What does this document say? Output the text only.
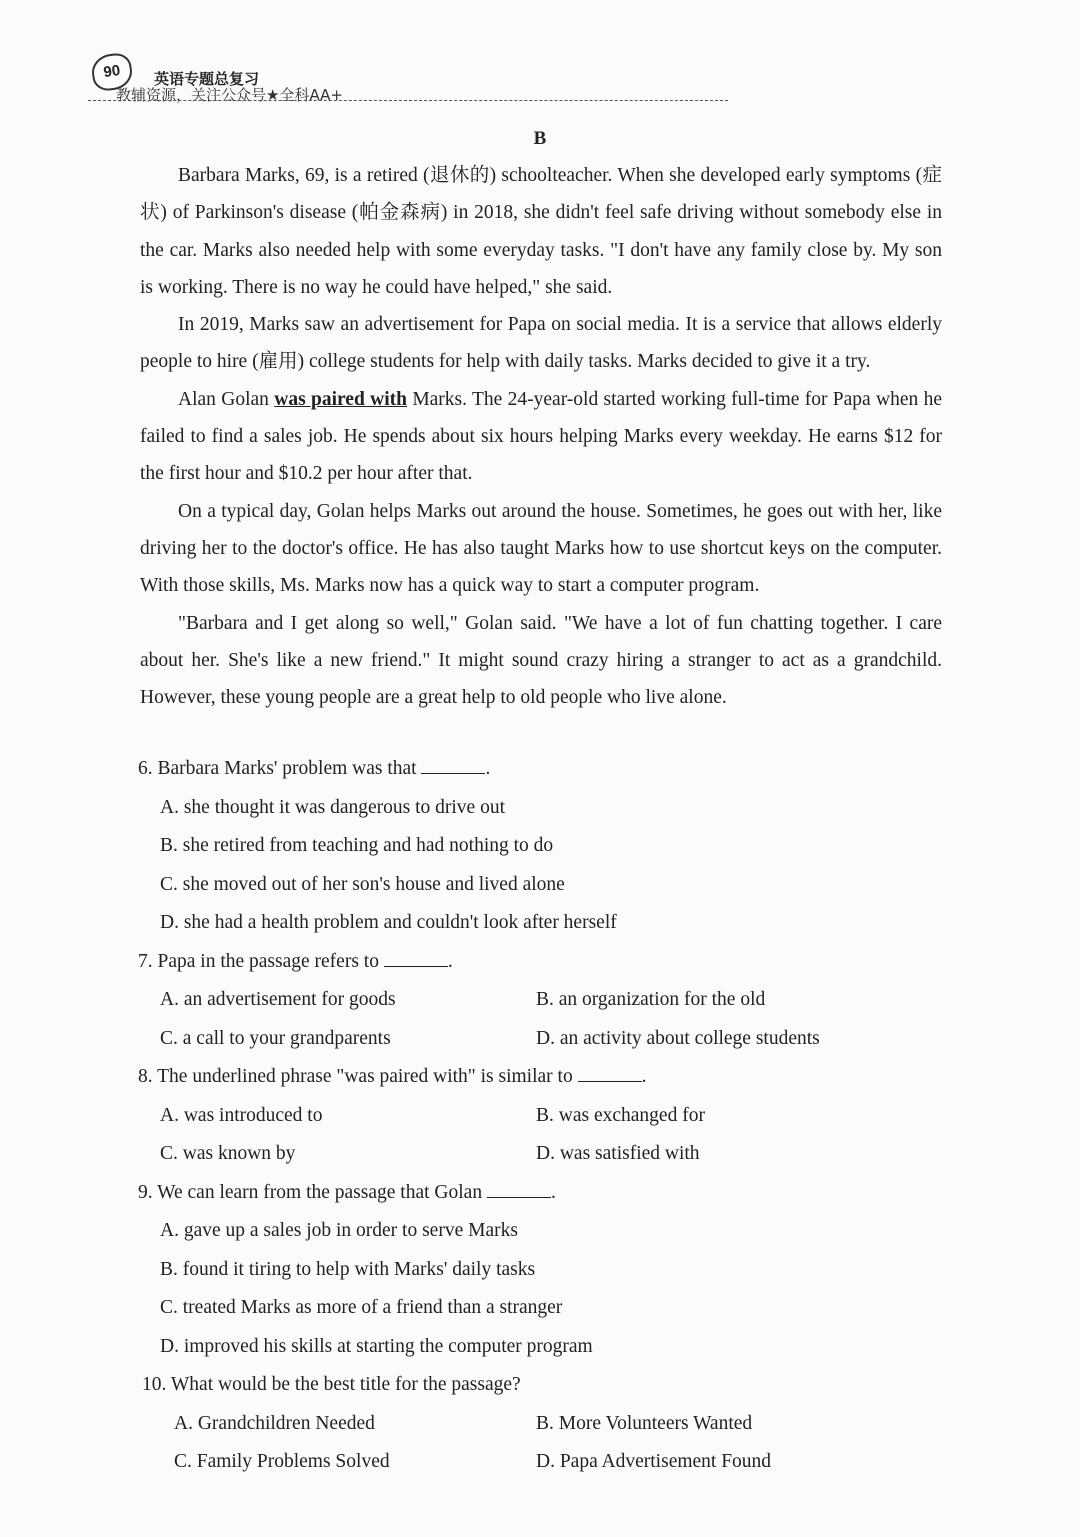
90	英语专题总复习
教辅资源，关注公众号★全科AA+
B

Barbara Marks, 69, is a retired (退休的) schoolteacher. When she developed early symptoms (症状) of Parkinson's disease (帕金森病) in 2018, she didn't feel safe driving without somebody else in the car. Marks also needed help with some everyday tasks. "I don't have any family close by. My son is working. There is no way he could have helped," she said.

In 2019, Marks saw an advertisement for Papa on social media. It is a service that allows elderly people to hire (雇用) college students for help with daily tasks. Marks decided to give it a try.

Alan Golan was paired with Marks. The 24-year-old started working full-time for Papa when he failed to find a sales job. He spends about six hours helping Marks every weekday. He earns $12 for the first hour and $10.2 per hour after that.

On a typical day, Golan helps Marks out around the house. Sometimes, he goes out with her, like driving her to the doctor's office. He has also taught Marks how to use shortcut keys on the computer. With those skills, Ms. Marks now has a quick way to start a computer program.

"Barbara and I get along so well," Golan said. "We have a lot of fun chatting together. I care about her. She's like a new friend." It might sound crazy hiring a stranger to act as a grandchild. However, these young people are a great help to old people who live alone.

6. Barbara Marks' problem was that	.
A. she thought it was dangerous to drive out
B. she retired from teaching and had nothing to do
C. she moved out of her son's house and lived alone
D. she had a health problem and couldn't look after herself
7. Papa in the passage refers to	.
A. an advertisement for goods	B. an organization for the old
C. a call to your grandparents	D. an activity about college students
8. The underlined phrase "was paired with" is similar to	.
A. was introduced to	B. was exchanged for
C. was known by	D. was satisfied with
9. We can learn from the passage that Golan	.
A. gave up a sales job in order to serve Marks
B. found it tiring to help with Marks' daily tasks
C. treated Marks as more of a friend than a stranger
D. improved his skills at starting the computer program
10. What would be the best title for the passage?
A. Grandchildren Needed	B. More Volunteers Wanted
C. Family Problems Solved	D. Papa Advertisement Found
